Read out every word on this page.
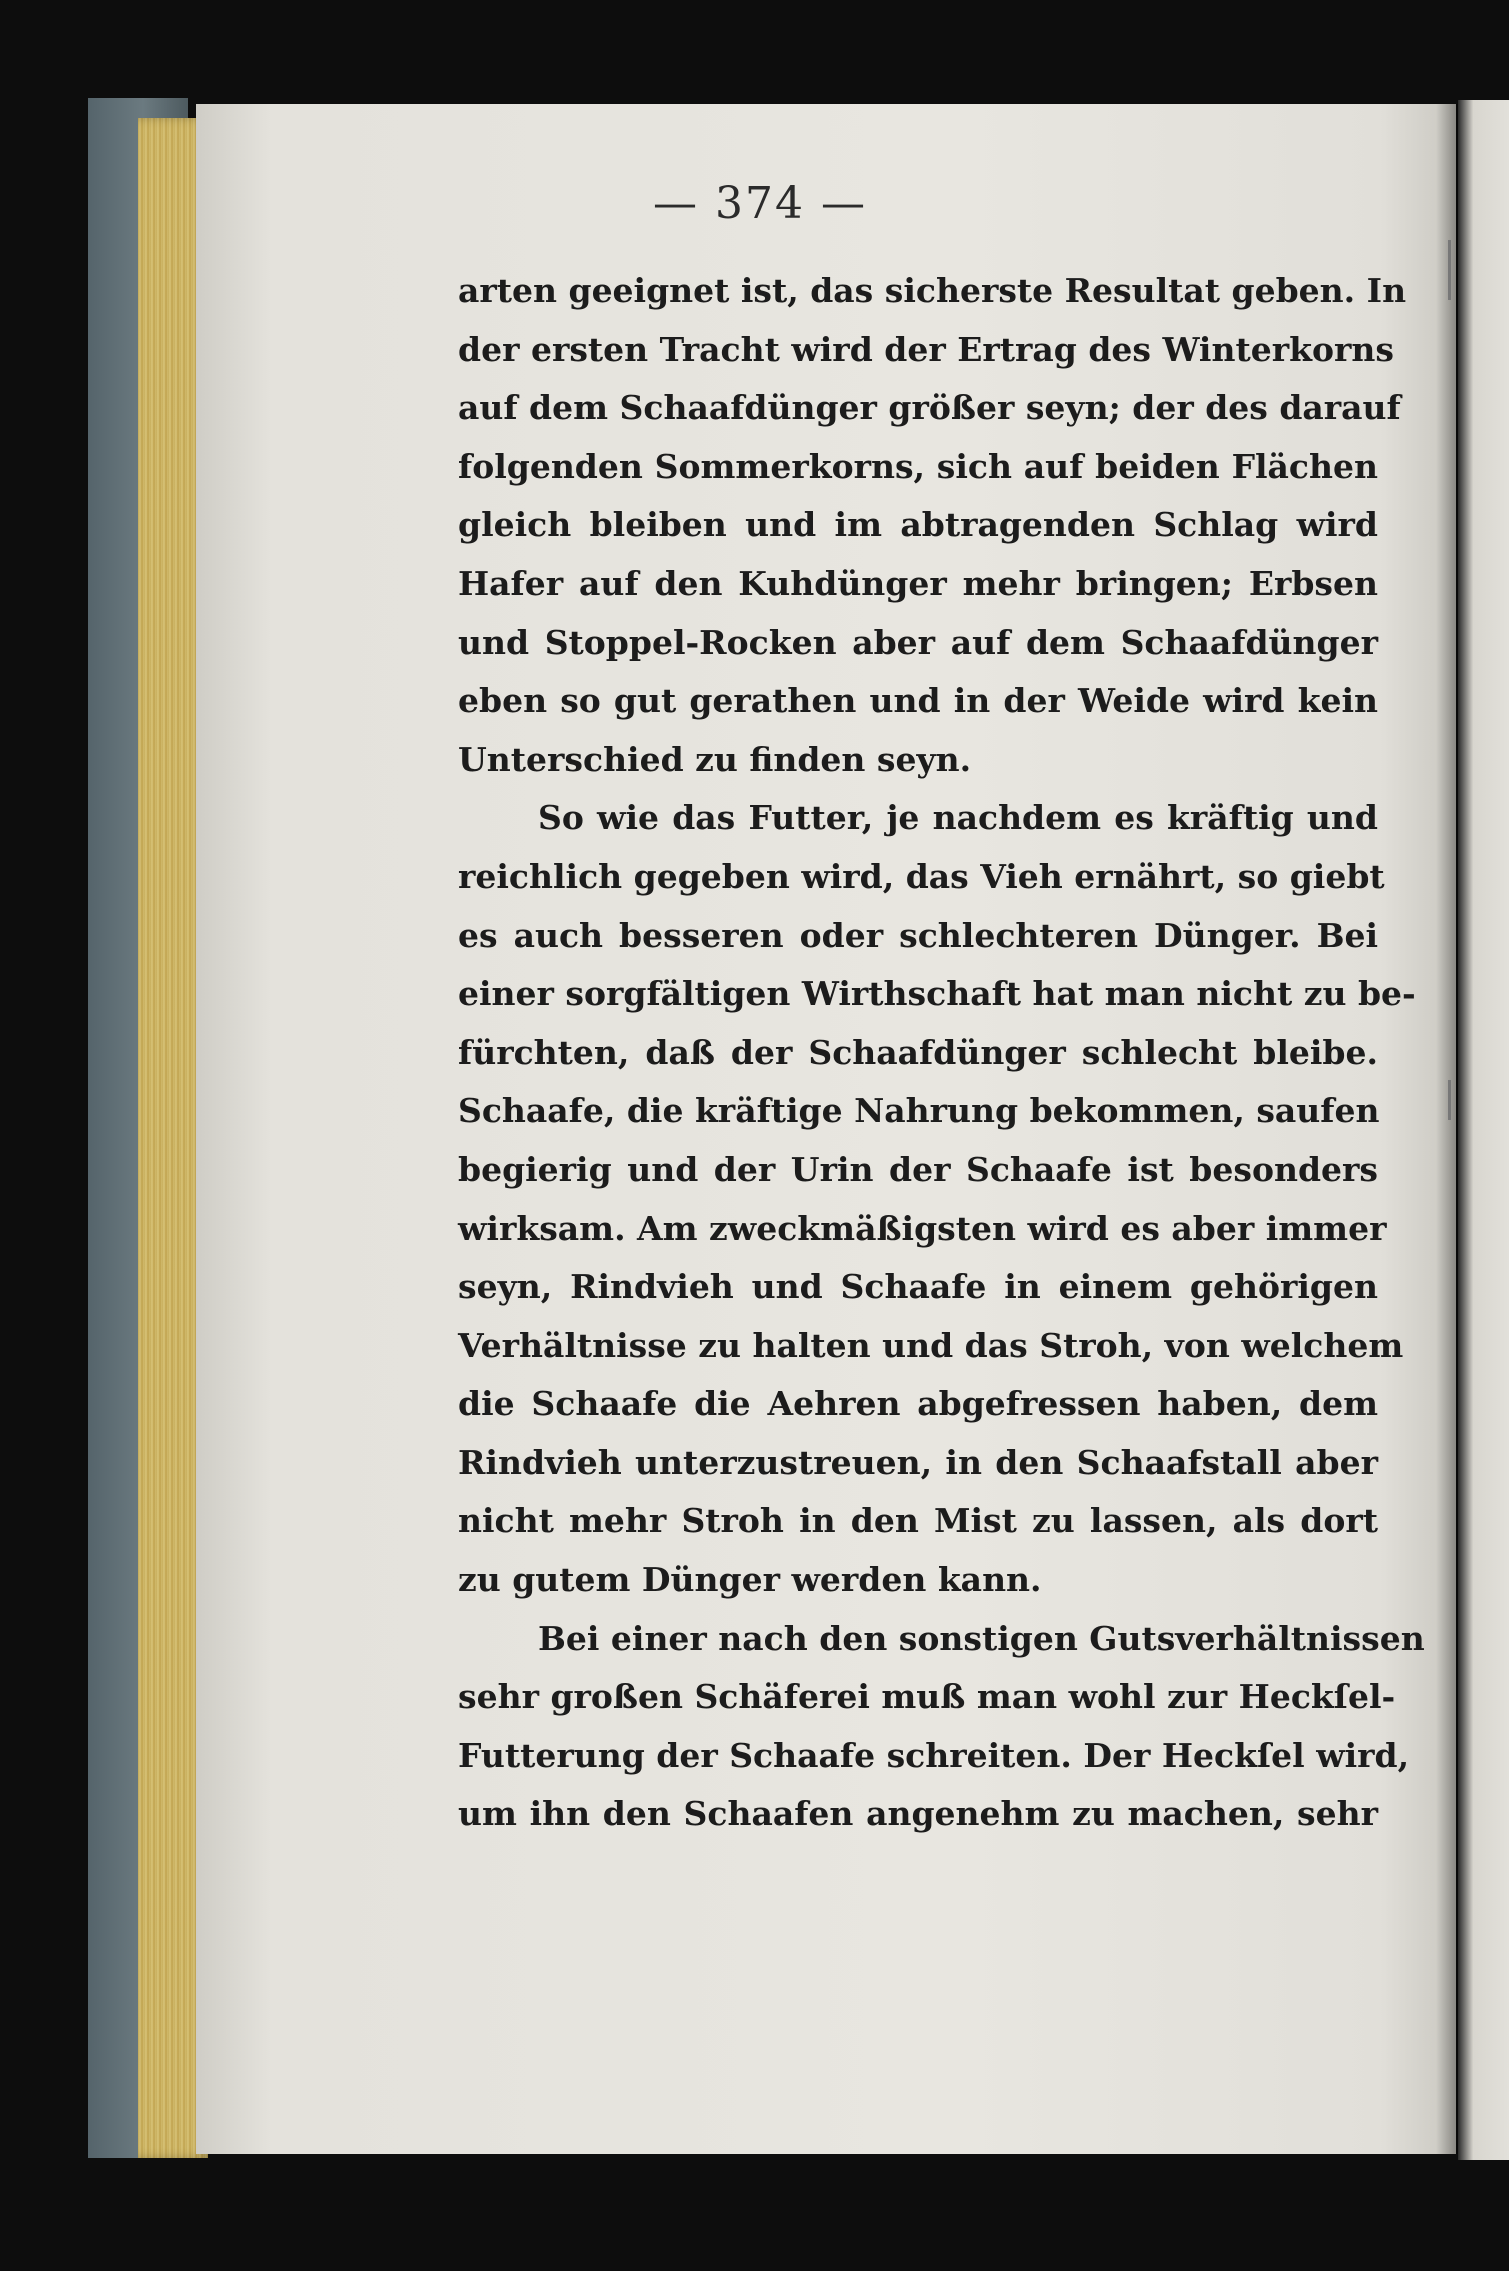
— 374 —
arten geeignet ist, das sicherste Resultat geben. In
der ersten Tracht wird der Ertrag des Winterkorns
auf dem Schaafdünger größer seyn; der des darauf
folgenden Sommerkorns, sich auf beiden Flächen
gleich bleiben und im abtragenden Schlag wird
Hafer auf den Kuhdünger mehr bringen; Erbsen
und Stoppel-Rocken aber auf dem Schaafdünger
eben so gut gerathen und in der Weide wird kein
Unterschied zu finden seyn.
So wie das Futter, je nachdem es kräftig und
reichlich gegeben wird, das Vieh ernährt, so giebt
es auch besseren oder schlechteren Dünger. Bei
einer sorgfältigen Wirthschaft hat man nicht zu be-
fürchten, daß der Schaafdünger schlecht bleibe.
Schaafe, die kräftige Nahrung bekommen, saufen
begierig und der Urin der Schaafe ist besonders
wirksam. Am zweckmäßigsten wird es aber immer
seyn, Rindvieh und Schaafe in einem gehörigen
Verhältnisse zu halten und das Stroh, von welchem
die Schaafe die Aehren abgefressen haben, dem
Rindvieh unterzustreuen, in den Schaafstall aber
nicht mehr Stroh in den Mist zu lassen, als dort
zu gutem Dünger werden kann.
Bei einer nach den sonstigen Gutsverhältnissen
sehr großen Schäferei muß man wohl zur Heckſel-
Futterung der Schaafe schreiten. Der Heckſel wird,
um ihn den Schaafen angenehm zu machen, sehr
